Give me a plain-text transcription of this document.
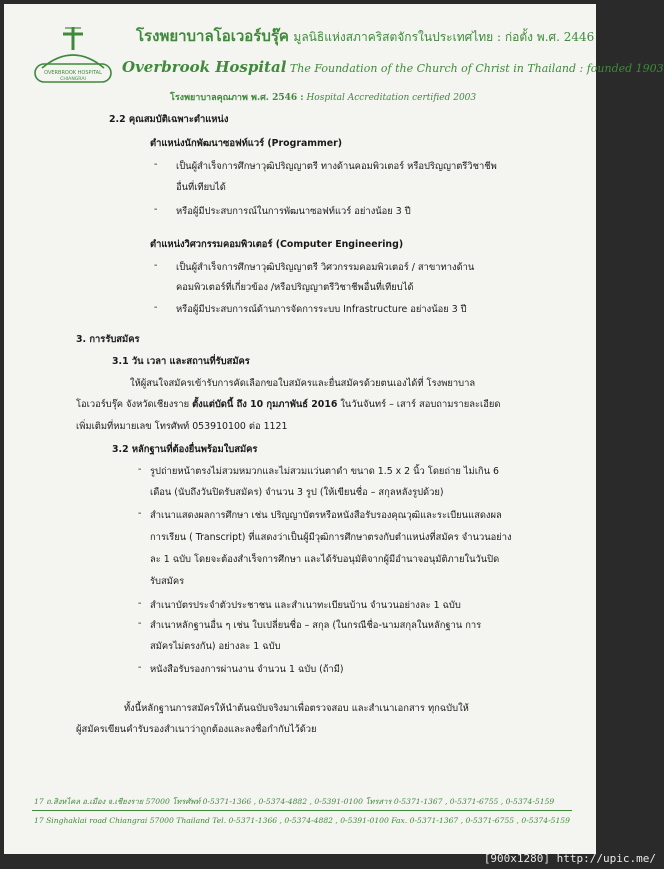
OVERBROOK HOSPITAL
CHIANGRAI
โรงพยาบาลโอเวอร์บรุ๊ค มูลนิธิแห่งสภาคริสตจักรในประเทศไทย : ก่อตั้ง พ.ศ. 2446
Overbrook Hospital The Foundation of the Church of Christ in Thailand : founded 1903
โรงพยาบาลคุณภาพ พ.ศ. 2546 : Hospital Accreditation certified 2003
2.2 คุณสมบัติเฉพาะตำแหน่ง
ตำแหน่งนักพัฒนาซอฟท์แวร์ (Programmer)
- เป็นผู้สำเร็จการศึกษาวุฒิปริญญาตรี ทางด้านคอมพิวเตอร์ หรือปริญญาตรีวิชาชีพ
อื่นที่เทียบได้
- หรือผู้มีประสบการณ์ในการพัฒนาซอฟท์แวร์ อย่างน้อย 3 ปี
ตำแหน่งวิศวกรรมคอมพิวเตอร์ (Computer Engineering)
- เป็นผู้สำเร็จการศึกษาวุฒิปริญญาตรี วิศวกรรมคอมพิวเตอร์ / สาขาทางด้าน
คอมพิวเตอร์ที่เกี่ยวข้อง /หรือปริญญาตรีวิชาชีพอื่นที่เทียบได้
- หรือผู้มีประสบการณ์ด้านการจัดการระบบ Infrastructure อย่างน้อย 3 ปี
3. การรับสมัคร
3.1 วัน เวลา และสถานที่รับสมัคร
ให้ผู้สนใจสมัครเข้ารับการคัดเลือกขอใบสมัครและยื่นสมัครด้วยตนเองได้ที่ โรงพยาบาล
โอเวอร์บรุ๊ค จังหวัดเชียงราย ตั้งแต่บัดนี้ ถึง 10 กุมภาพันธ์ 2016 ในวันจันทร์ – เสาร์ สอบถามรายละเอียด
เพิ่มเติมที่หมายเลข โทรศัพท์ 053910100 ต่อ 1121
3.2 หลักฐานที่ต้องยื่นพร้อมใบสมัคร
- รูปถ่ายหน้าตรงไม่สวมหมวกและไม่สวมแว่นตาดำ ขนาด 1.5 x 2 นิ้ว โดยถ่าย ไม่เกิน 6
เดือน (นับถึงวันปิดรับสมัคร) จำนวน 3 รูป (ให้เขียนชื่อ – สกุลหลังรูปด้วย)
- สำเนาแสดงผลการศึกษา เช่น ปริญญาบัตรหรือหนังสือรับรองคุณวุฒิและระเบียนแสดงผล
การเรียน ( Transcript) ที่แสดงว่าเป็นผู้มีวุฒิการศึกษาตรงกับตำแหน่งที่สมัคร จำนวนอย่าง
ละ 1 ฉบับ โดยจะต้องสำเร็จการศึกษา และได้รับอนุมัติจากผู้มีอำนาจอนุมัติภายในวันปิด
รับสมัคร
- สำเนาบัตรประจำตัวประชาชน และสำเนาทะเบียนบ้าน จำนวนอย่างละ 1 ฉบับ
- สำเนาหลักฐานอื่น ๆ เช่น ใบเปลี่ยนชื่อ – สกุล (ในกรณีชื่อ-นามสกุลในหลักฐาน การ
สมัครไม่ตรงกัน) อย่างละ 1 ฉบับ
- หนังสือรับรองการผ่านงาน จำนวน 1 ฉบับ (ถ้ามี)
ทั้งนี้หลักฐานการสมัครให้นำต้นฉบับจริงมาเพื่อตรวจสอบ และสำเนาเอกสาร ทุกฉบับให้
ผู้สมัครเขียนคำรับรองสำเนาว่าถูกต้องและลงชื่อกำกับไว้ด้วย
17 ถ.สิงหไคล อ.เมือง จ.เชียงราย 57000 โทรศัพท์ 0-5371-1366 , 0-5374-4882 , 0-5391-0100 โทรสาร 0-5371-1367 , 0-5371-6755 , 0-5374-5159
17 Singhaklai road Chiangrai 57000 Thailand Tel. 0-5371-1366 , 0-5374-4882 , 0-5391-0100 Fax. 0-5371-1367 , 0-5371-6755 , 0-5374-5159
[900x1280] http://upic.me/
